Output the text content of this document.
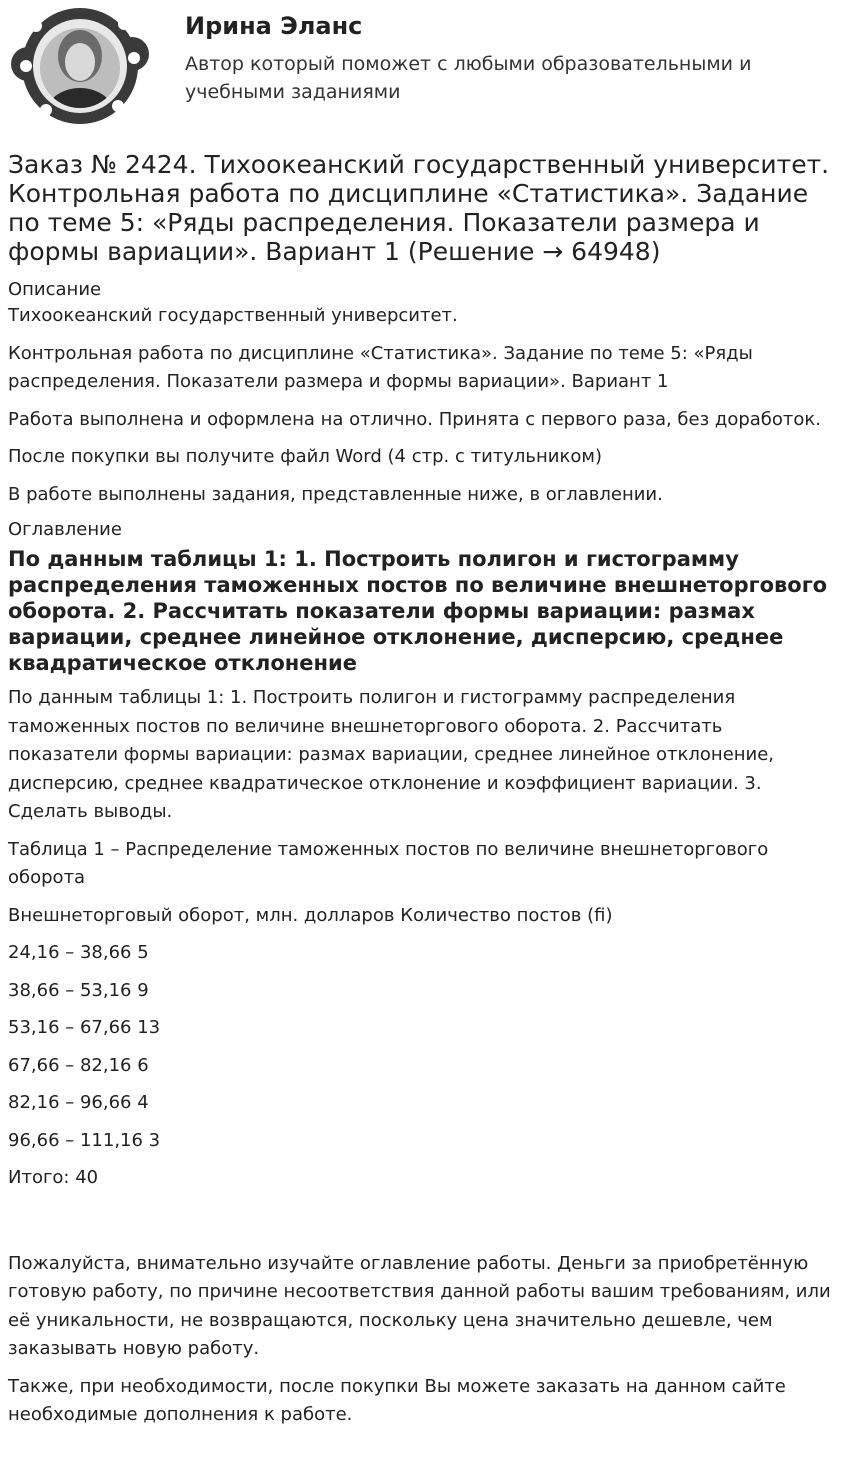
Ирина Эланс
Автор который поможет с любыми образовательными и учебными заданиями
Заказ № 2424. Тихоокеанский государственный университет. Контрольная работа по дисциплине «Статистика». Задание по теме 5: «Ряды распределения. Показатели размера и формы вариации». Вариант 1 (Решение → 64948)
Описание

Тихоокеанский государственный университет.

Контрольная работа по дисциплине «Статистика». Задание по теме 5: «Ряды распределения. Показатели размера и формы вариации». Вариант 1

Работа выполнена и оформлена на отлично. Принята с первого раза, без доработок.

После покупки вы получите файл Word (4 стр. с титульником)

В работе выполнены задания, представленные ниже, в оглавлении.

Оглавление
По данным таблицы 1: 1. Построить полигон и гистограмму распределения таможенных постов по величине внешнеторгового оборота. 2. Рассчитать показатели формы вариации: размах вариации, среднее линейное отклонение, дисперсию, среднее квадратическое отклонение

По данным таблицы 1: 1. Построить полигон и гистограмму распределения таможенных постов по величине внешнеторгового оборота. 2. Рассчитать показатели формы вариации: размах вариации, среднее линейное отклонение, дисперсию, среднее квадратическое отклонение и коэффициент вариации. 3. Сделать выводы.

Таблица 1 – Распределение таможенных постов по величине внешнеторгового оборота

Внешнеторговый оборот, млн. долларов Количество постов (fi)

24,16 – 38,66 5

38,66 – 53,16 9

53,16 – 67,66 13

67,66 – 82,16 6

82,16 – 96,66 4

96,66 – 111,16 3

Итого: 40

Пожалуйста, внимательно изучайте оглавление работы. Деньги за приобретённую готовую работу, по причине несоответствия данной работы вашим требованиям, или её уникальности, не возвращаются, поскольку цена значительно дешевле, чем заказывать новую работу.

Также, при необходимости, после покупки Вы можете заказать на данном сайте необходимые дополнения к работе.
